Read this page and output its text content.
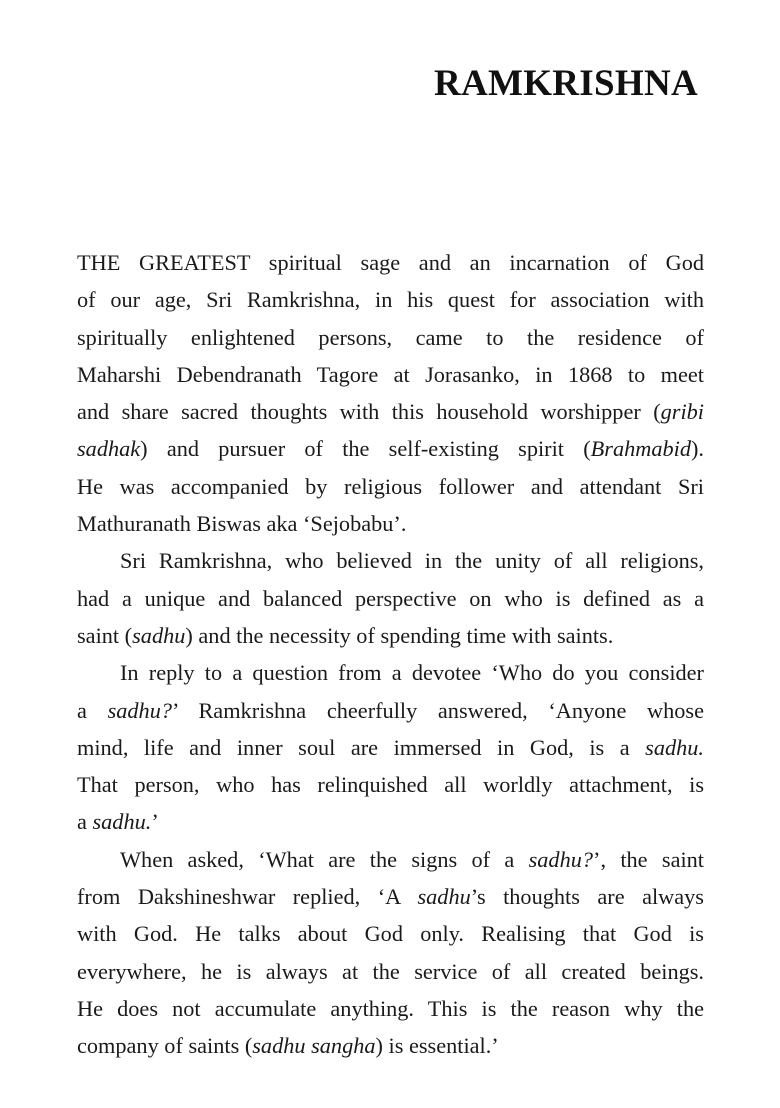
RAMKRISHNA
THE GREATEST spiritual sage and an incarnation of God
of our age, Sri Ramkrishna, in his quest for association with
spiritually enlightened persons, came to the residence of
Maharshi Debendranath Tagore at Jorasanko, in 1868 to meet
and share sacred thoughts with this household worshipper (gribi
sadhak) and pursuer of the self-existing spirit (Brahmabid).
He was accompanied by religious follower and attendant Sri
Mathuranath Biswas aka ‘Sejobabu’.
Sri Ramkrishna, who believed in the unity of all religions,
had a unique and balanced perspective on who is defined as a
saint (sadhu) and the necessity of spending time with saints.
In reply to a question from a devotee ‘Who do you consider
a sadhu?’ Ramkrishna cheerfully answered, ‘Anyone whose
mind, life and inner soul are immersed in God, is a sadhu.
That person, who has relinquished all worldly attachment, is
a sadhu.’
When asked, ‘What are the signs of a sadhu?’, the saint
from Dakshineshwar replied, ‘A sadhu’s thoughts are always
with God. He talks about God only. Realising that God is
everywhere, he is always at the service of all created beings.
He does not accumulate anything. This is the reason why the
company of saints (sadhu sangha) is essential.’
